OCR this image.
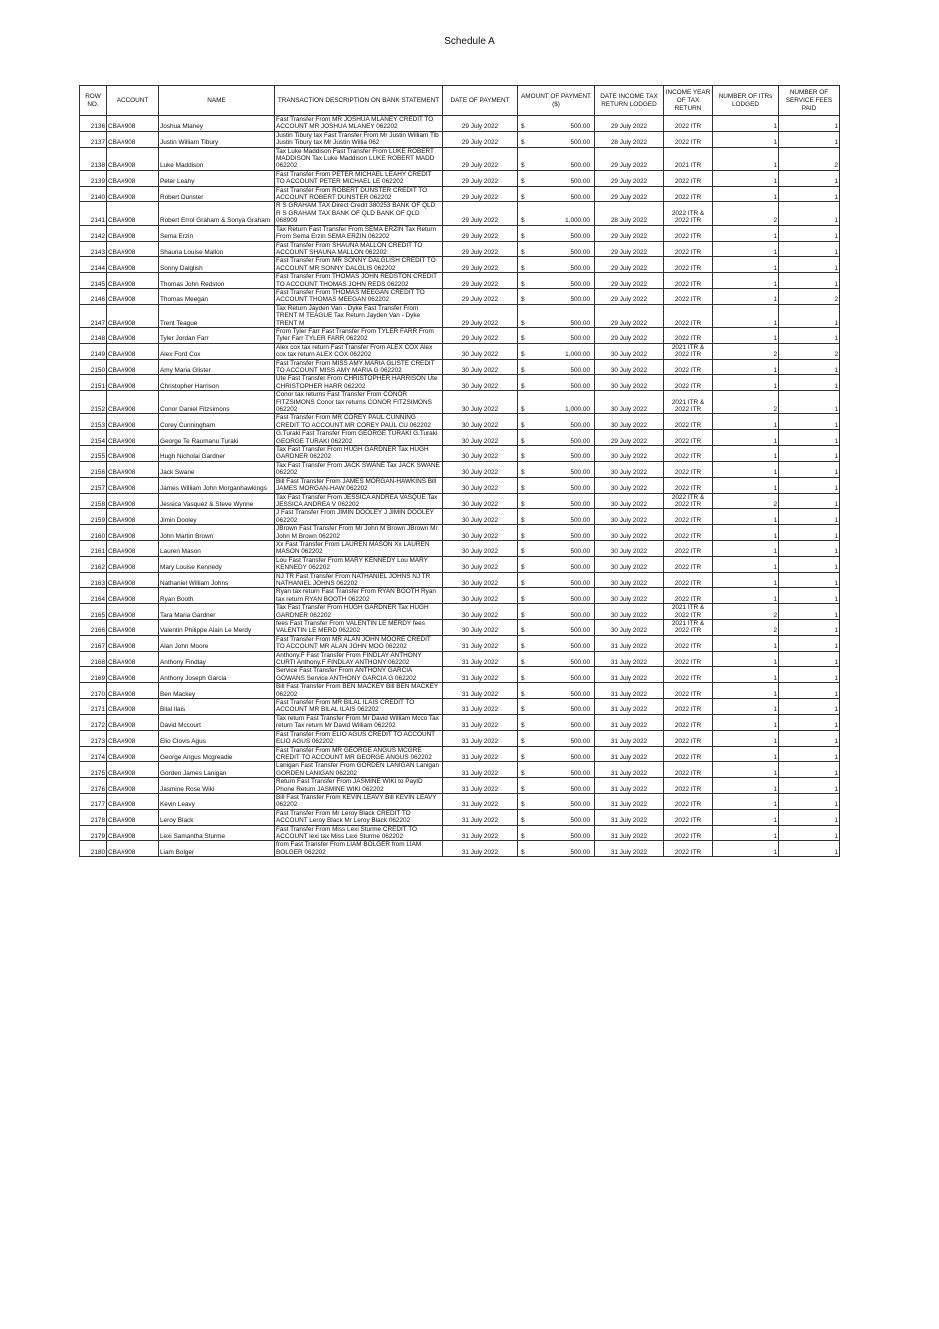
Schedule A
ROW NO.	ACCOUNT	NAME	TRANSACTION DESCRIPTION ON BANK STATEMENT	DATE OF PAYMENT	AMOUNT OF PAYMENT ($)	DATE INCOME TAX RETURN LODGED	INCOME YEAR OF TAX RETURN	NUMBER OF ITRs LODGED	NUMBER OF SERVICE FEES PAID
2136	CBA#908	Joshua Mlaney	Fast Transfer From MR JOSHUA MLANEY CREDIT TO ACCOUNT MR JOSHUA MLANEY 062202	29 July 2022	$ 500.00	29 July 2022	2022 ITR	1	1
2137	CBA#908	Justin William Tibury	Justin Tibury tax Fast Transfer From Mr Justin William Tib Justin Tibury tax Mr Justin Willia 062	29 July 2022	$ 500.00	28 July 2022	2022 ITR	1	1
2138	CBA#908	Luke Maddison	Tax Luke Maddison Fast Transfer From LUKE ROBERT MADDISON Tax Luke Maddison LUKE ROBERT MADD 062202	29 July 2022	$ 500.00	29 July 2022	2021 ITR	1	2
2139	CBA#908	Peter Leahy	Fast Transfer From PETER MICHAEL LEAHY CREDIT TO ACCOUNT PETER MICHAEL LE 062202	29 July 2022	$ 500.00	29 July 2022	2022 ITR	1	1
2140	CBA#908	Robert Dunster	Fast Transfer From ROBERT DUNSTER CREDIT TO ACCOUNT ROBERT DUNSTER 062202	29 July 2022	$ 500.00	29 July 2022	2022 ITR	1	1
2141	CBA#908	Robert Errol Graham & Sonya Graham	R S GRAHAM TAX Direct Credit 380253 BANK OF QLD R S GRAHAM TAX BANK OF QLD BANK OF QLD 068909	29 July 2022	$ 1,000.00	28 July 2022	2022 ITR & 2022 ITR	2	1
2142	CBA#908	Sema Erzin	Tax Return Fast Transfer From SEMA ERZIN Tax Return From Sema Erzin SEMA ERZIN 062202	29 July 2022	$ 500.00	29 July 2022	2022 ITR	1	1
2143	CBA#908	Shauna Louise Mallon	Fast Transfer From SHAUNA MALLON CREDIT TO ACCOUNT SHAUNA MALLON 062202	29 July 2022	$ 500.00	29 July 2022	2022 ITR	1	1
2144	CBA#908	Sonny Dalglish	Fast Transfer From MR SONNY DALGLISH CREDIT TO ACCOUNT MR SONNY DALGLIS 062202	29 July 2022	$ 500.00	29 July 2022	2022 ITR	1	1
2145	CBA#908	Thomas John Redston	Fast Transfer From THOMAS JOHN REDSTON CREDIT TO ACCOUNT THOMAS JOHN REDS 062202	29 July 2022	$ 500.00	29 July 2022	2022 ITR	1	1
2146	CBA#908	Thomas Meegan	Fast Transfer From THOMAS MEEGAN CREDIT TO ACCOUNT THOMAS MEEGAN 062202	29 July 2022	$ 500.00	29 July 2022	2022 ITR	1	2
2147	CBA#908	Trent Teague	Tax Return Jayden Van - Dyke Fast Transfer From TRENT M TEAGUE Tax Return Jayden Van - Dyke TRENT M	29 July 2022	$ 500.00	29 July 2022	2022 ITR	1	1
2148	CBA#908	Tyler Jordan Farr	From Tyler Farr Fast Transfer From TYLER FARR From Tyler Farr TYLER FARR 062202	29 July 2022	$ 500.00	29 July 2022	2022 ITR	1	1
2149	CBA#908	Alex Ford Cox	Alex cox tax return Fast Transfer From ALEX COX Alex cox tax return ALEX COX 062202	30 July 2022	$ 1,000.00	30 July 2022	2021 ITR & 2022 ITR	2	2
2150	CBA#908	Amy Maria Glister	Fast Transfer From MISS AMY MARIA GLISTE CREDIT TO ACCOUNT MISS AMY MARIA G 062202	30 July 2022	$ 500.00	30 July 2022	2022 ITR	1	1
2151	CBA#908	Christopher Harrison	Ute Fast Transfer From CHRISTOPHER HARRISON Ute CHRISTOPHER HARR 062202	30 July 2022	$ 500.00	30 July 2022	2022 ITR	1	1
2152	CBA#908	Conor Daniel Fitzsimons	Conor tax returns Fast Transfer From CONOR FITZSIMONS Conor tax returns CONOR FITZSIMONS 062202	30 July 2022	$ 1,000.00	30 July 2022	2021 ITR & 2022 ITR	2	1
2153	CBA#908	Corey Cunningham	Fast Transfer From MR COREY PAUL CUNNING CREDIT TO ACCOUNT MR COREY PAUL CU 062202	30 July 2022	$ 500.00	30 July 2022	2022 ITR	1	1
2154	CBA#908	George Te Raumanu Turaki	G.Turaki Fast Transfer From GEORGE TURAKI G.Turaki GEORGE TURAKI 062202	30 July 2022	$ 500.00	29 July 2022	2022 ITR	1	1
2155	CBA#908	Hugh Nicholai Gardner	Tax Fast Transfer From HUGH GARDNER Tax HUGH GARDNER 062202	30 July 2022	$ 500.00	30 July 2022	2022 ITR	1	1
2156	CBA#908	Jack Swane	Tax Fast Transfer From JACK SWANE Tax JACK SWANE 062202	30 July 2022	$ 500.00	30 July 2022	2022 ITR	1	1
2157	CBA#908	James William John Morganhawkings	Bill Fast Transfer From JAMES MORGAN-HAWKINS Bill JAMES MORGAN-HAW 062202	30 July 2022	$ 500.00	30 July 2022	2022 ITR	1	1
2158	CBA#908	Jessica Vasquez & Steve Wynne	Tax Fast Transfer From JESSICA ANDREA VASQUE Tax JESSICA ANDREA V 062202	30 July 2022	$ 500.00	30 July 2022	2022 ITR & 2022 ITR	2	1
2159	CBA#908	Jimin Dooley	J Fast Transfer From JIMIN DOOLEY J JIMIN DOOLEY 062202	30 July 2022	$ 500.00	30 July 2022	2022 ITR	1	1
2160	CBA#908	John Martin Brown	JBrown Fast Transfer From Mr John M Brown JBrown Mr John M Brown 062202	30 July 2022	$ 500.00	30 July 2022	2022 ITR	1	1
2161	CBA#908	Lauren Mason	Xx Fast Transfer From LAUREN MASON Xx LAUREN MASON 062202	30 July 2022	$ 500.00	30 July 2022	2022 ITR	1	1
2162	CBA#908	Mary Louise Kennedy	Lou Fast Transfer From MARY KENNEDY Lou MARY KENNEDY 062202	30 July 2022	$ 500.00	30 July 2022	2022 ITR	1	1
2163	CBA#908	Nathaniel William Johns	NJ TR Fast Transfer From NATHANIEL JOHNS NJ TR NATHANIEL JOHNS 062202	30 July 2022	$ 500.00	30 July 2022	2022 ITR	1	1
2164	CBA#908	Ryan Booth	Ryan tax return Fast Transfer From RYAN BOOTH Ryan tax return RYAN BOOTH 062202	30 July 2022	$ 500.00	30 July 2022	2022 ITR	1	1
2165	CBA#908	Tara Maria Gardner	Tax Fast Transfer From HUGH GARDNER Tax HUGH GARDNER 062202	30 July 2022	$ 500.00	30 July 2022	2021 ITR & 2022 ITR	2	1
2166	CBA#908	Valentin Philippe Alain Le Merdy	fees Fast Transfer From VALENTIN LE MERDY fees VALENTIN LE MERD 062202	30 July 2022	$ 500.00	30 July 2022	2021 ITR & 2022 ITR	2	1
2167	CBA#908	Alan John Moore	Fast Transfer From MR ALAN JOHN MOORE CREDIT TO ACCOUNT MR ALAN JOHN MOO 062202	31 July 2022	$ 500.00	31 July 2022	2022 ITR	1	1
2168	CBA#908	Anthony Findlay	Anthony.F Fast Transfer From FINDLAY ANTHONY CURTI Anthony.F FINDLAY ANTHONY 062202	31 July 2022	$ 500.00	31 July 2022	2022 ITR	1	1
2169	CBA#908	Anthony Joseph Garcia	Service Fast Transfer From ANTHONY GARCIA GOWANS Service ANTHONY GARCIA G 062202	31 July 2022	$ 500.00	31 July 2022	2022 ITR	1	1
2170	CBA#908	Ben Mackey	Bill Fast Transfer From BEN MACKEY Bill BEN MACKEY 062202	31 July 2022	$ 500.00	31 July 2022	2022 ITR	1	1
2171	CBA#908	Bilal Ilais	Fast Transfer From MR BILAL ILAIS CREDIT TO ACCOUNT MR BILAL ILAIS 062202	31 July 2022	$ 500.00	31 July 2022	2022 ITR	1	1
2172	CBA#908	David Mccourt	Tax return Fast Transfer From Mr David William Mcco Tax return Tax return Mr David William 062202	31 July 2022	$ 500.00	31 July 2022	2022 ITR	1	1
2173	CBA#908	Elio Clovis Agus	Fast Transfer From ELIO AGUS CREDIT TO ACCOUNT ELIO AGUS 062202	31 July 2022	$ 500.00	31 July 2022	2022 ITR	1	1
2174	CBA#908	George Angus Mcgreadie	Fast Transfer From MR GEORGE ANGUS MCGRE CREDIT TO ACCOUNT MR GEORGE ANGUS 062202	31 July 2022	$ 500.00	31 July 2022	2022 ITR	1	1
2175	CBA#908	Gorden James Lanigan	Lanigan Fast Transfer From GORDEN LANIGAN Lanigan GORDEN LANIGAN 062202	31 July 2022	$ 500.00	31 July 2022	2022 ITR	1	1
2176	CBA#908	Jasmine Rose Wiki	Return Fast Transfer From JASMINE WIKI to PayID Phone Return JASMINE WIKI 062202	31 July 2022	$ 500.00	31 July 2022	2022 ITR	1	1
2177	CBA#908	Kevin Leavy	Bill Fast Transfer From KEVIN LEAVY Bill KEVIN LEAVY 062202	31 July 2022	$ 500.00	31 July 2022	2022 ITR	1	1
2178	CBA#908	Leroy Black	Fast Transfer From Mr Leroy Black CREDIT TO ACCOUNT Leroy Black Mr Leroy Black 062202	31 July 2022	$ 500.00	31 July 2022	2022 ITR	1	1
2179	CBA#908	Lexi Samantha Sturme	Fast Transfer From Miss Lexi Sturme CREDIT TO ACCOUNT lexi tax Miss Lexi Sturme 062202	31 July 2022	$ 500.00	31 July 2022	2022 ITR	1	1
2180	CBA#908	Liam Bolger	from Fast Transfer From LIAM BOLGER from LIAM BOLGER 062202	31 July 2022	$ 500.00	31 July 2022	2022 ITR	1	1
